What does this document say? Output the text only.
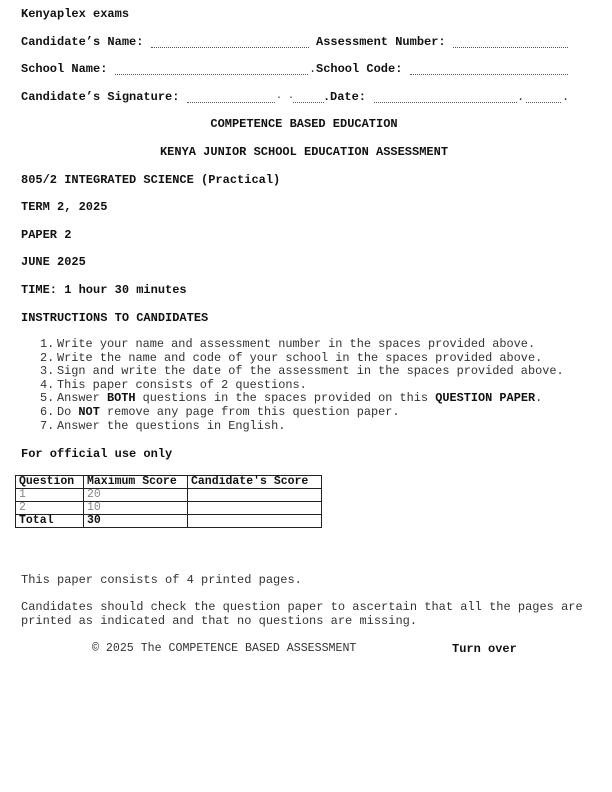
Kenyaplex exams
Candidate’s Name:	Assessment Number:
School Name:	. School Code:
Candidate’s Signature:	. . . Date:	.	.
COMPETENCE BASED EDUCATION
KENYA JUNIOR SCHOOL EDUCATION ASSESSMENT
805/2 INTEGRATED SCIENCE (Practical)
TERM 2, 2025
PAPER 2
JUNE 2025
TIME: 1 hour 30 minutes
INSTRUCTIONS TO CANDIDATES
1. Write your name and assessment number in the spaces provided above.
2. Write the name and code of your school in the spaces provided above.
3. Sign and write the date of the assessment in the spaces provided above.
4. This paper consists of 2 questions.
5. Answer BOTH questions in the spaces provided on this QUESTION PAPER.
6. Do NOT remove any page from this question paper.
7. Answer the questions in English.
For official use only
Question	Maximum Score	Candidate's Score
1	20	
2	10	
Total	30	
This paper consists of 4 printed pages.
Candidates should check the question paper to ascertain that all the pages are
printed as indicated and that no questions are missing.
© 2025 The COMPETENCE BASED ASSESSMENT	Turn over
